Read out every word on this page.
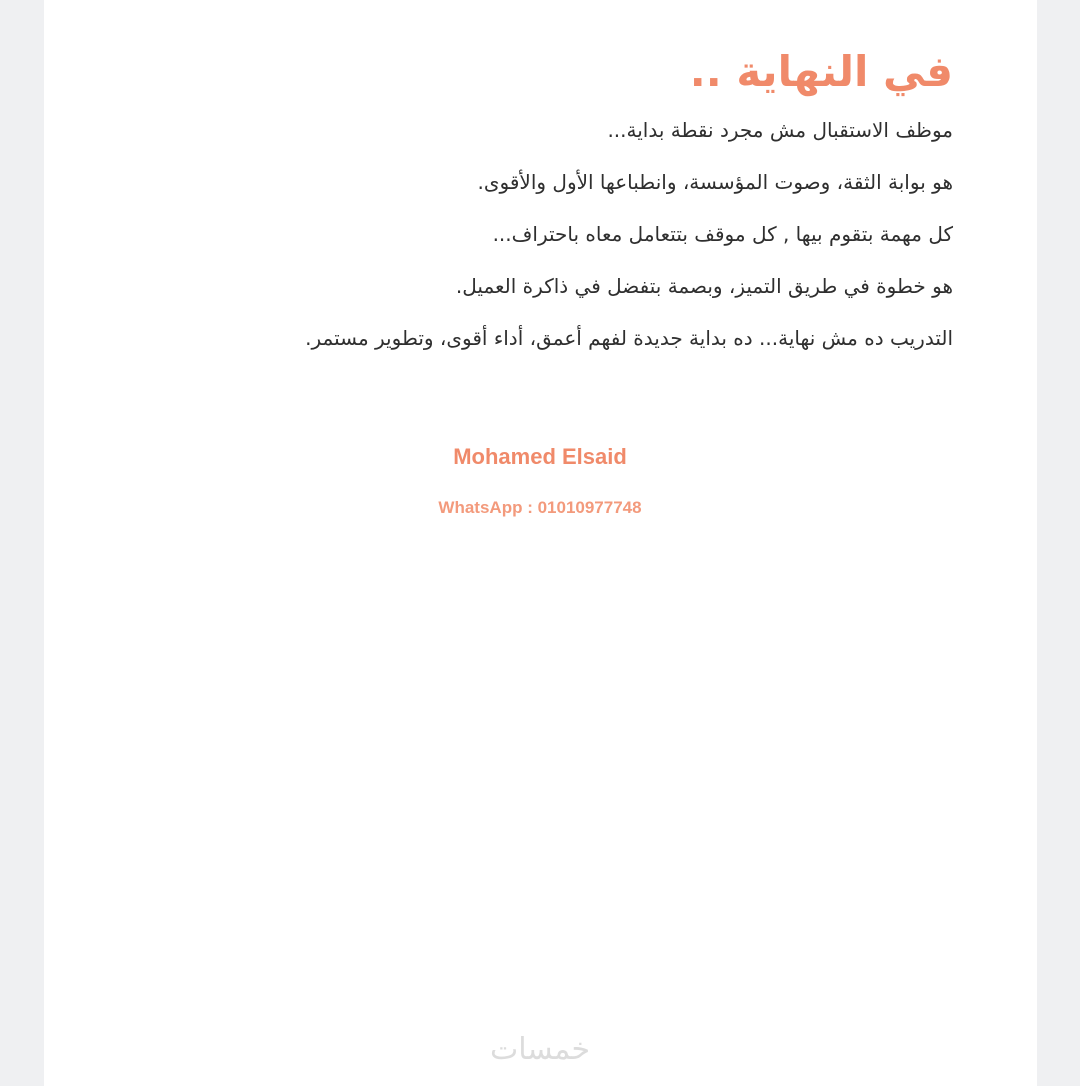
في النهاية ..

موظف الاستقبال مش مجرد نقطة بداية...

هو بوابة الثقة، وصوت المؤسسة، وانطباعها الأول والأقوى.

كل مهمة بتقوم بيها , كل موقف بتتعامل معاه باحتراف...

هو خطوة في طريق التميز، وبصمة بتفضل في ذاكرة العميل.

التدريب ده مش نهاية... ده بداية جديدة لفهم أعمق، أداء أقوى، وتطوير مستمر.

Mohamed Elsaid
WhatsApp : 01010977748
خمسات
